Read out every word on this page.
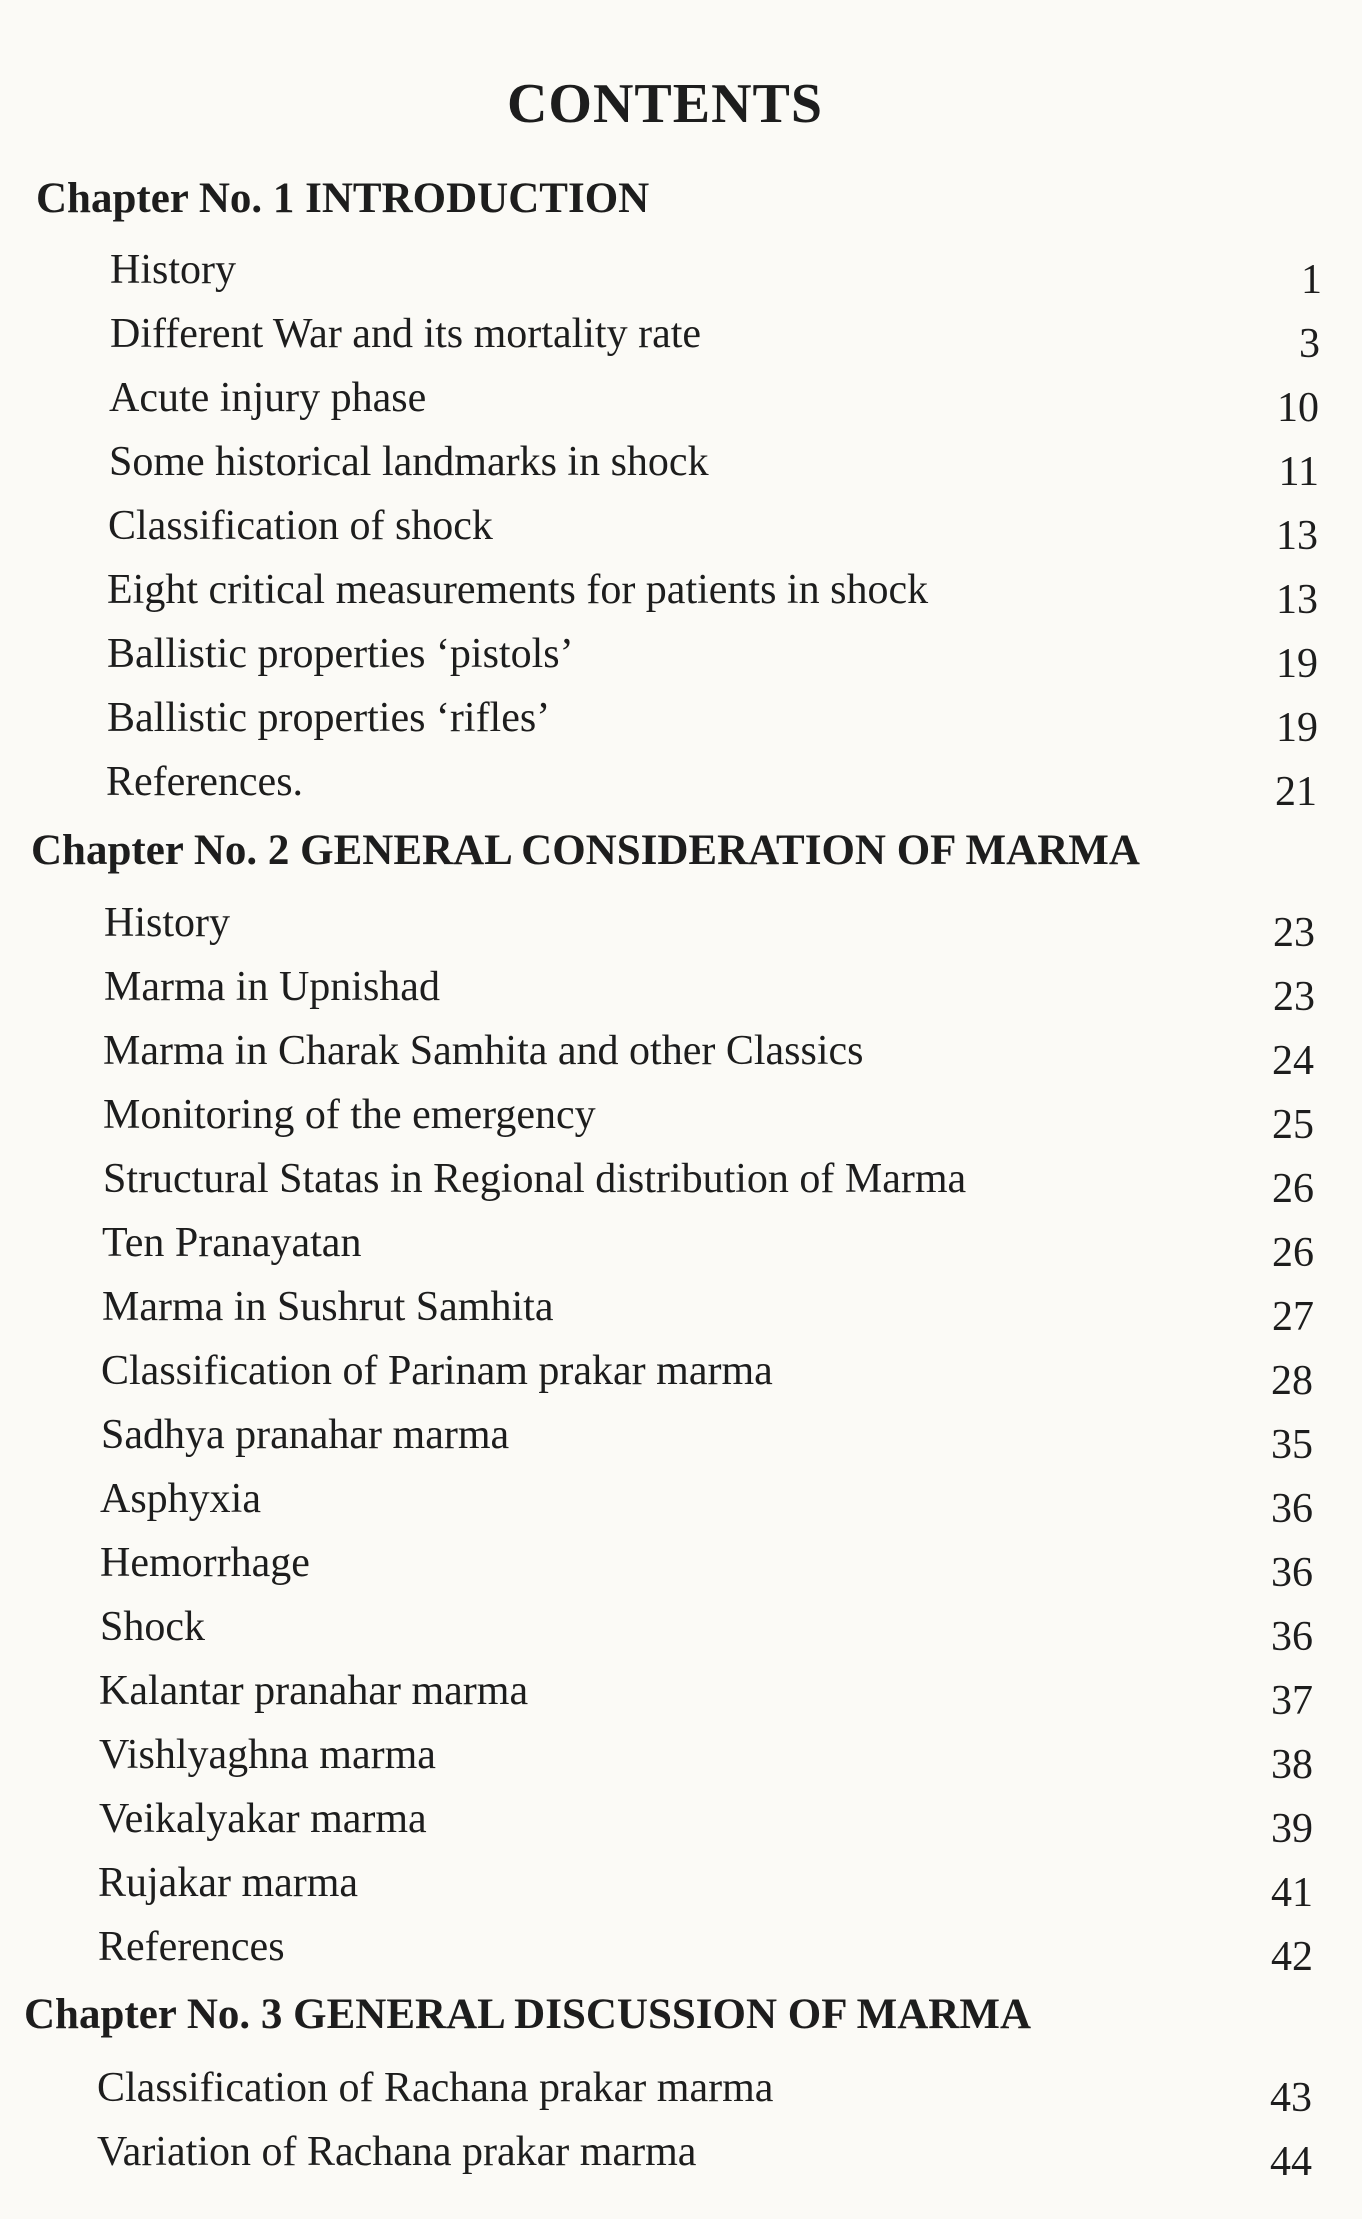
CONTENTS
Chapter No. 1 INTRODUCTION
History	1
Different War and its mortality rate	3
Acute injury phase	10
Some historical landmarks in shock	11
Classification of shock	13
Eight critical measurements for patients in shock	13
Ballistic properties ‘pistols’	19
Ballistic properties ‘rifles’	19
References.	21
Chapter No. 2 GENERAL CONSIDERATION OF MARMA
History	23
Marma in Upnishad	23
Marma in Charak Samhita and other Classics	24
Monitoring of the emergency	25
Structural Statas in Regional distribution of Marma	26
Ten Pranayatan	26
Marma in Sushrut Samhita	27
Classification of Parinam prakar marma	28
Sadhya pranahar marma	35
Asphyxia	36
Hemorrhage	36
Shock	36
Kalantar pranahar marma	37
Vishlyaghna marma	38
Veikalyakar marma	39
Rujakar marma	41
References	42
Chapter No. 3 GENERAL DISCUSSION OF MARMA
Classification of Rachana prakar marma	43
Variation of Rachana prakar marma	44
